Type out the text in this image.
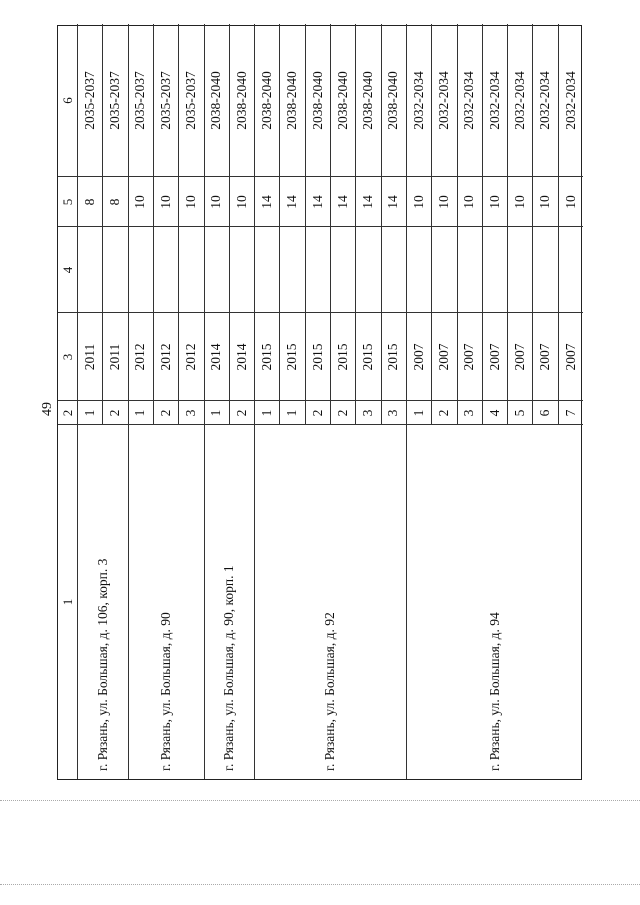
49
1
2
3
4
5
6
г. Рязань, ул. Большая, д. 106, корп. 3
1
2011
8
2035-2037
2
2011
8
2035-2037
г. Рязань, ул. Большая, д. 90
1
2012
10
2035-2037
2
2012
10
2035-2037
3
2012
10
2035-2037
г. Рязань, ул. Большая, д. 90, корп. 1
1
2014
10
2038-2040
2
2014
10
2038-2040
г. Рязань, ул. Большая, д. 92
1
2015
14
2038-2040
1
2015
14
2038-2040
2
2015
14
2038-2040
2
2015
14
2038-2040
3
2015
14
2038-2040
3
2015
14
2038-2040
г. Рязань, ул. Большая, д. 94
1
2007
10
2032-2034
2
2007
10
2032-2034
3
2007
10
2032-2034
4
2007
10
2032-2034
5
2007
10
2032-2034
6
2007
10
2032-2034
7
2007
10
2032-2034
